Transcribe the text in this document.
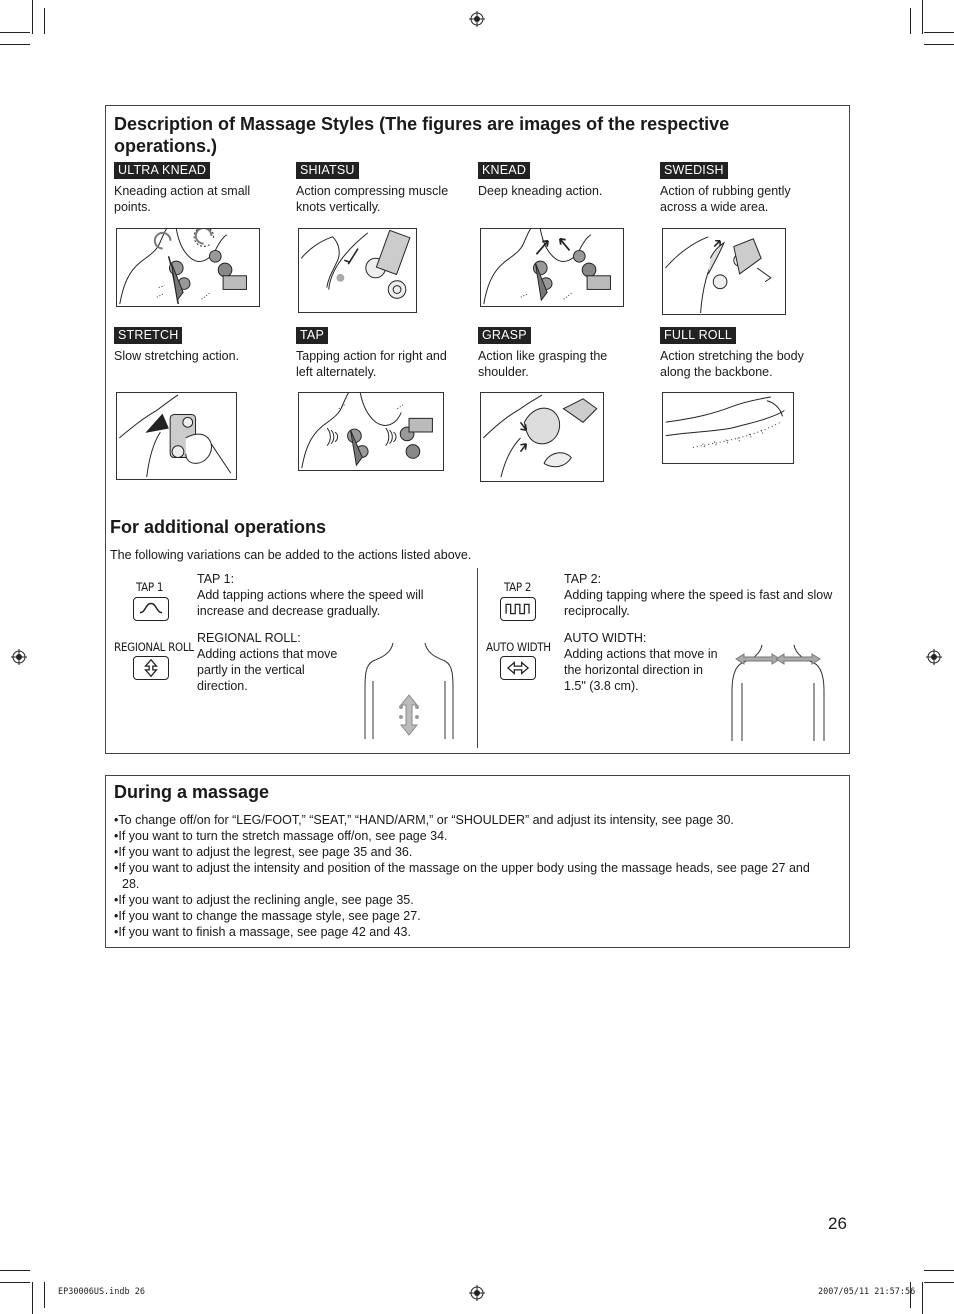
Description of Massage Styles (The figures are images of the respective operations.)
ULTRA KNEAD
Kneading action at small points.
SHIATSU
Action compressing muscle knots vertically.
KNEAD
Deep kneading action.
SWEDISH
Action of rubbing gently across a wide area.
STRETCH
Slow stretching action.
TAP
Tapping action for right and left alternately.
GRASP
Action like grasping the shoulder.
FULL ROLL
Action stretching the body along the backbone.
For additional operations
The following variations can be added to the actions listed above.
TAP 1
TAP 1:
Add tapping actions where the speed will increase and decrease gradually.
REGIONAL ROLL
REGIONAL ROLL:
Adding actions that move partly in the vertical direction.
TAP 2
TAP 2:
Adding tapping where the speed is fast and slow reciprocally.
AUTO WIDTH
AUTO WIDTH:
Adding actions that move in the horizontal direction in 1.5" (3.8 cm).
During a massage
• To change off/on for “LEG/FOOT,” “SEAT,” “HAND/ARM,” or “SHOULDER” and adjust its intensity, see page 30.
• If you want to turn the stretch massage off/on, see page 34.
• If you want to adjust the legrest, see page 35 and 36.
• If you want to adjust the intensity and position of the massage on the upper body using the massage heads, see page 27 and 28.
• If you want to adjust the reclining angle, see page 35.
• If you want to change the massage style, see page 27.
• If you want to finish a massage, see page 42 and 43.
26
EP30006US.indb 26	2007/05/11 21:57:56
